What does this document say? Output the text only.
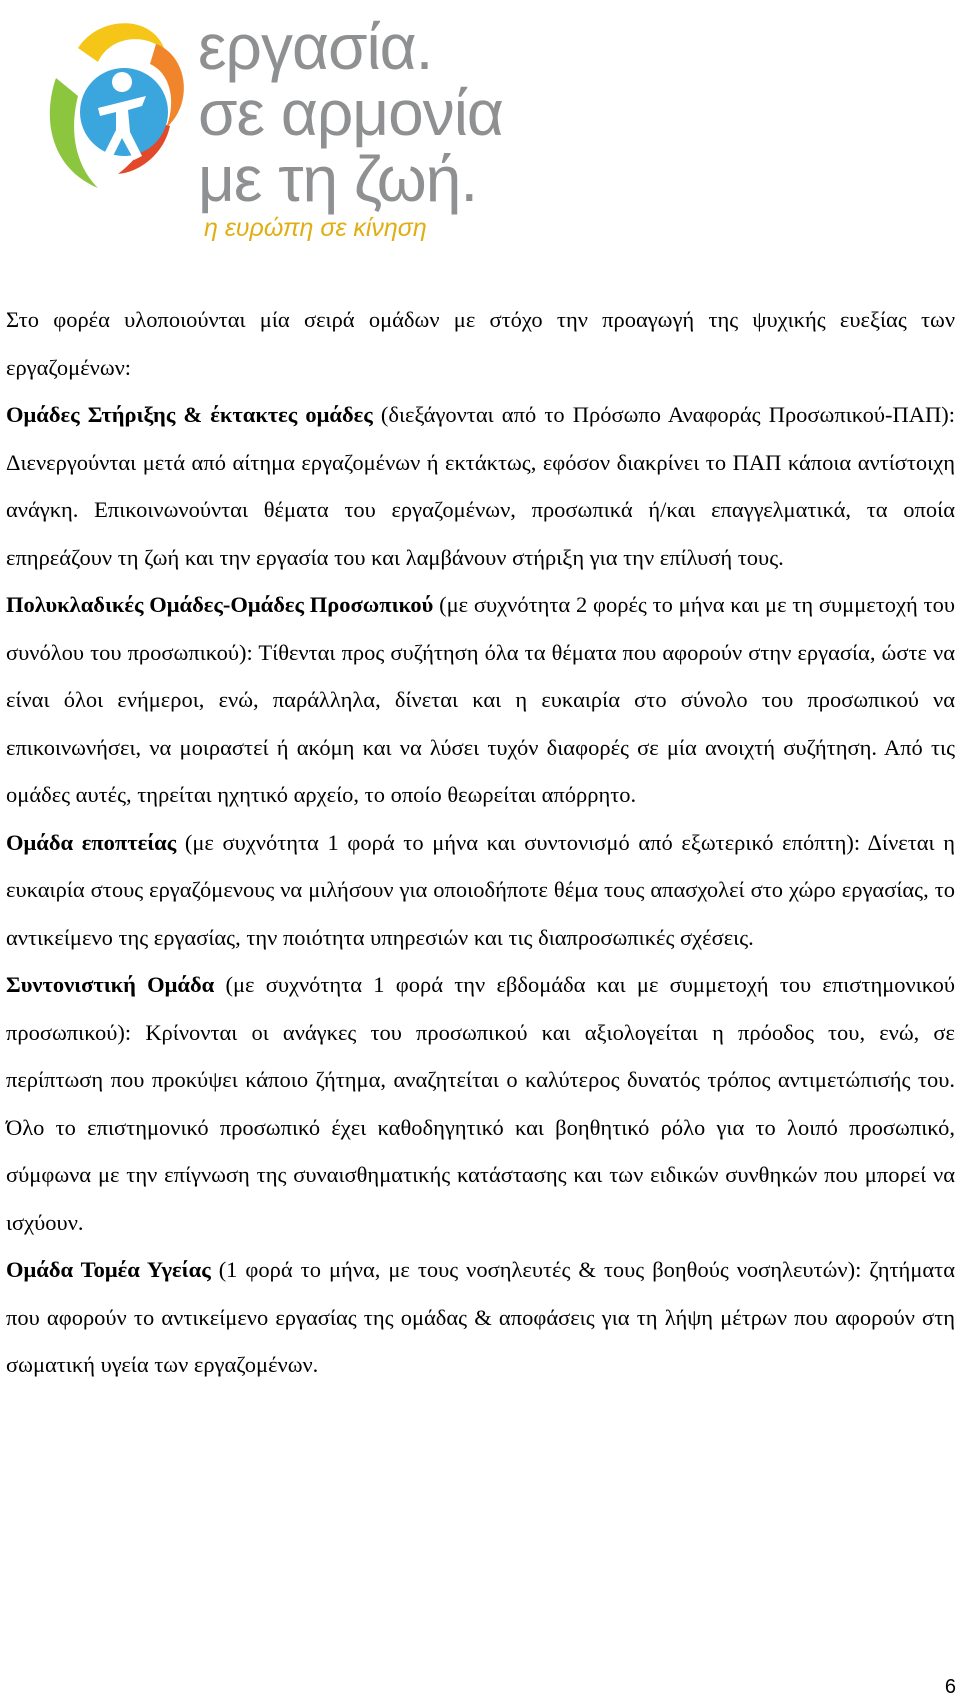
εργασία.
σε αρμονία
με τη ζωή.
η ευρώπη σε κίνηση

Στο φορέα υλοποιούνται μία σειρά ομάδων με στόχο την προαγωγή της ψυχικής ευεξίας των εργαζομένων:

Ομάδες Στήριξης & έκτακτες ομάδες (διεξάγονται από το Πρόσωπο Αναφοράς Προσωπικού-ΠΑΠ): Διενεργούνται μετά από αίτημα εργαζομένων ή εκτάκτως, εφόσον διακρίνει το ΠΑΠ κάποια αντίστοιχη ανάγκη. Επικοινωνούνται θέματα του εργαζομένων, προσωπικά ή/και επαγγελματικά, τα οποία επηρεάζουν τη ζωή και την εργασία του και λαμβάνουν στήριξη για την επίλυσή τους.

Πολυκλαδικές Ομάδες-Ομάδες Προσωπικού (με συχνότητα 2 φορές το μήνα και με τη συμμετοχή του συνόλου του προσωπικού): Τίθενται προς συζήτηση όλα τα θέματα που αφορούν στην εργασία, ώστε να είναι όλοι ενήμεροι, ενώ, παράλληλα, δίνεται και η ευκαιρία στο σύνολο του προσωπικού να επικοινωνήσει, να μοιραστεί ή ακόμη και να λύσει τυχόν διαφορές σε μία ανοιχτή συζήτηση. Από τις ομάδες αυτές, τηρείται ηχητικό αρχείο, το οποίο θεωρείται απόρρητο.

Ομάδα εποπτείας (με συχνότητα 1 φορά το μήνα και συντονισμό από εξωτερικό επόπτη): Δίνεται η ευκαιρία στους εργαζόμενους να μιλήσουν για οποιοδήποτε θέμα τους απασχολεί στο χώρο εργασίας, το αντικείμενο της εργασίας, την ποιότητα υπηρεσιών και τις διαπροσωπικές σχέσεις.

Συντονιστική Ομάδα (με συχνότητα 1 φορά την εβδομάδα και με συμμετοχή του επιστημονικού προσωπικού): Κρίνονται οι ανάγκες του προσωπικού και αξιολογείται η πρόοδος του, ενώ, σε περίπτωση που προκύψει κάποιο ζήτημα, αναζητείται ο καλύτερος δυνατός τρόπος αντιμετώπισής του. Όλο το επιστημονικό προσωπικό έχει καθοδηγητικό και βοηθητικό ρόλο για το λοιπό προσωπικό, σύμφωνα με την επίγνωση της συναισθηματικής κατάστασης και των ειδικών συνθηκών που μπορεί να ισχύουν.

Ομάδα Τομέα Υγείας (1 φορά το μήνα, με τους νοσηλευτές & τους βοηθούς νοσηλευτών): ζητήματα που αφορούν το αντικείμενο εργασίας της ομάδας & αποφάσεις για τη λήψη μέτρων που αφορούν στη σωματική υγεία των εργαζομένων.

6
